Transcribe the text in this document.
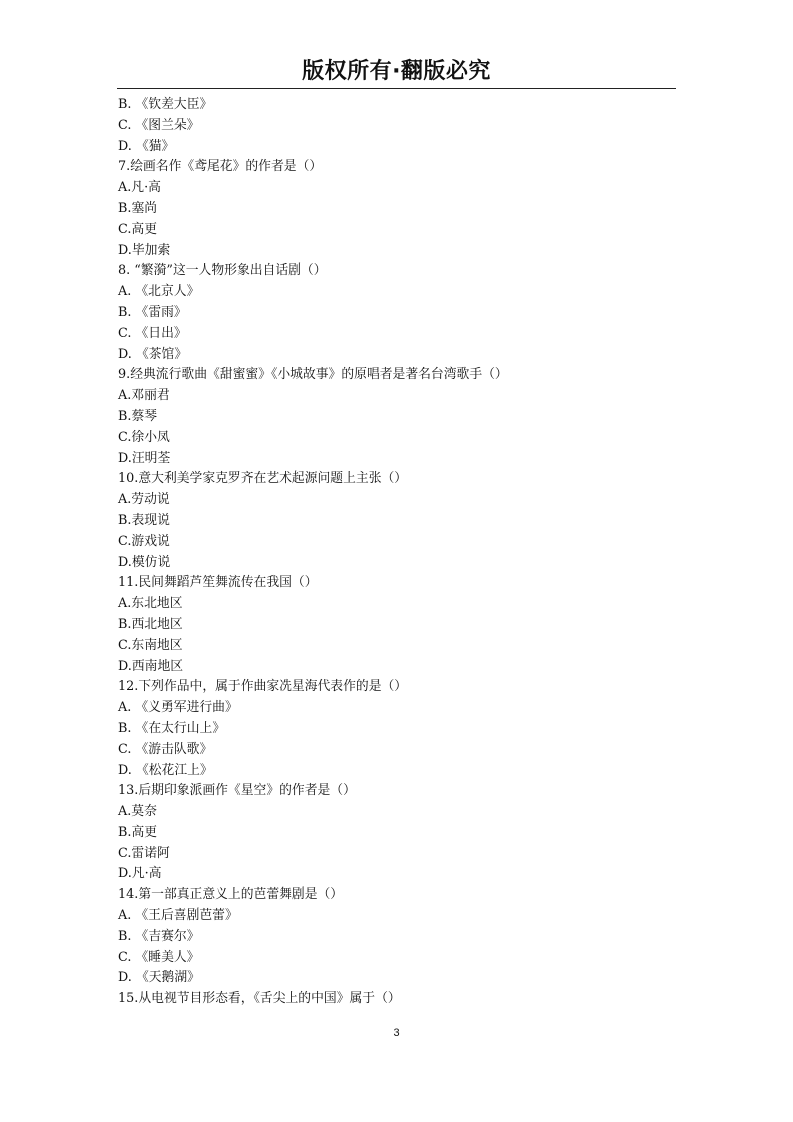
版权所有·翻版必究
B. 《钦差大臣》
C. 《图兰朵》
D. 《猫》
7.绘画名作《鸢尾花》的作者是（）
A.凡·高
B.塞尚
C.高更
D.毕加索
8. “繁漪”这一人物形象出自话剧（）
A. 《北京人》
B. 《雷雨》
C. 《日出》
D. 《茶馆》
9.经典流行歌曲《甜蜜蜜》《小城故事》的原唱者是著名台湾歌手（）
A.邓丽君
B.蔡琴
C.徐小凤
D.汪明荃
10.意大利美学家克罗齐在艺术起源问题上主张（）
A.劳动说
B.表现说
C.游戏说
D.模仿说
11.民间舞蹈芦笙舞流传在我国（）
A.东北地区
B.西北地区
C.东南地区
D.西南地区
12.下列作品中，属于作曲家冼星海代表作的是（）
A. 《义勇军进行曲》
B. 《在太行山上》
C. 《游击队歌》
D. 《松花江上》
13.后期印象派画作《星空》的作者是（）
A.莫奈
B.高更
C.雷诺阿
D.凡·高
14.第一部真正意义上的芭蕾舞剧是（）
A. 《王后喜剧芭蕾》
B. 《吉赛尔》
C. 《睡美人》
D. 《天鹅湖》
15.从电视节目形态看，《舌尖上的中国》属于（）
3
